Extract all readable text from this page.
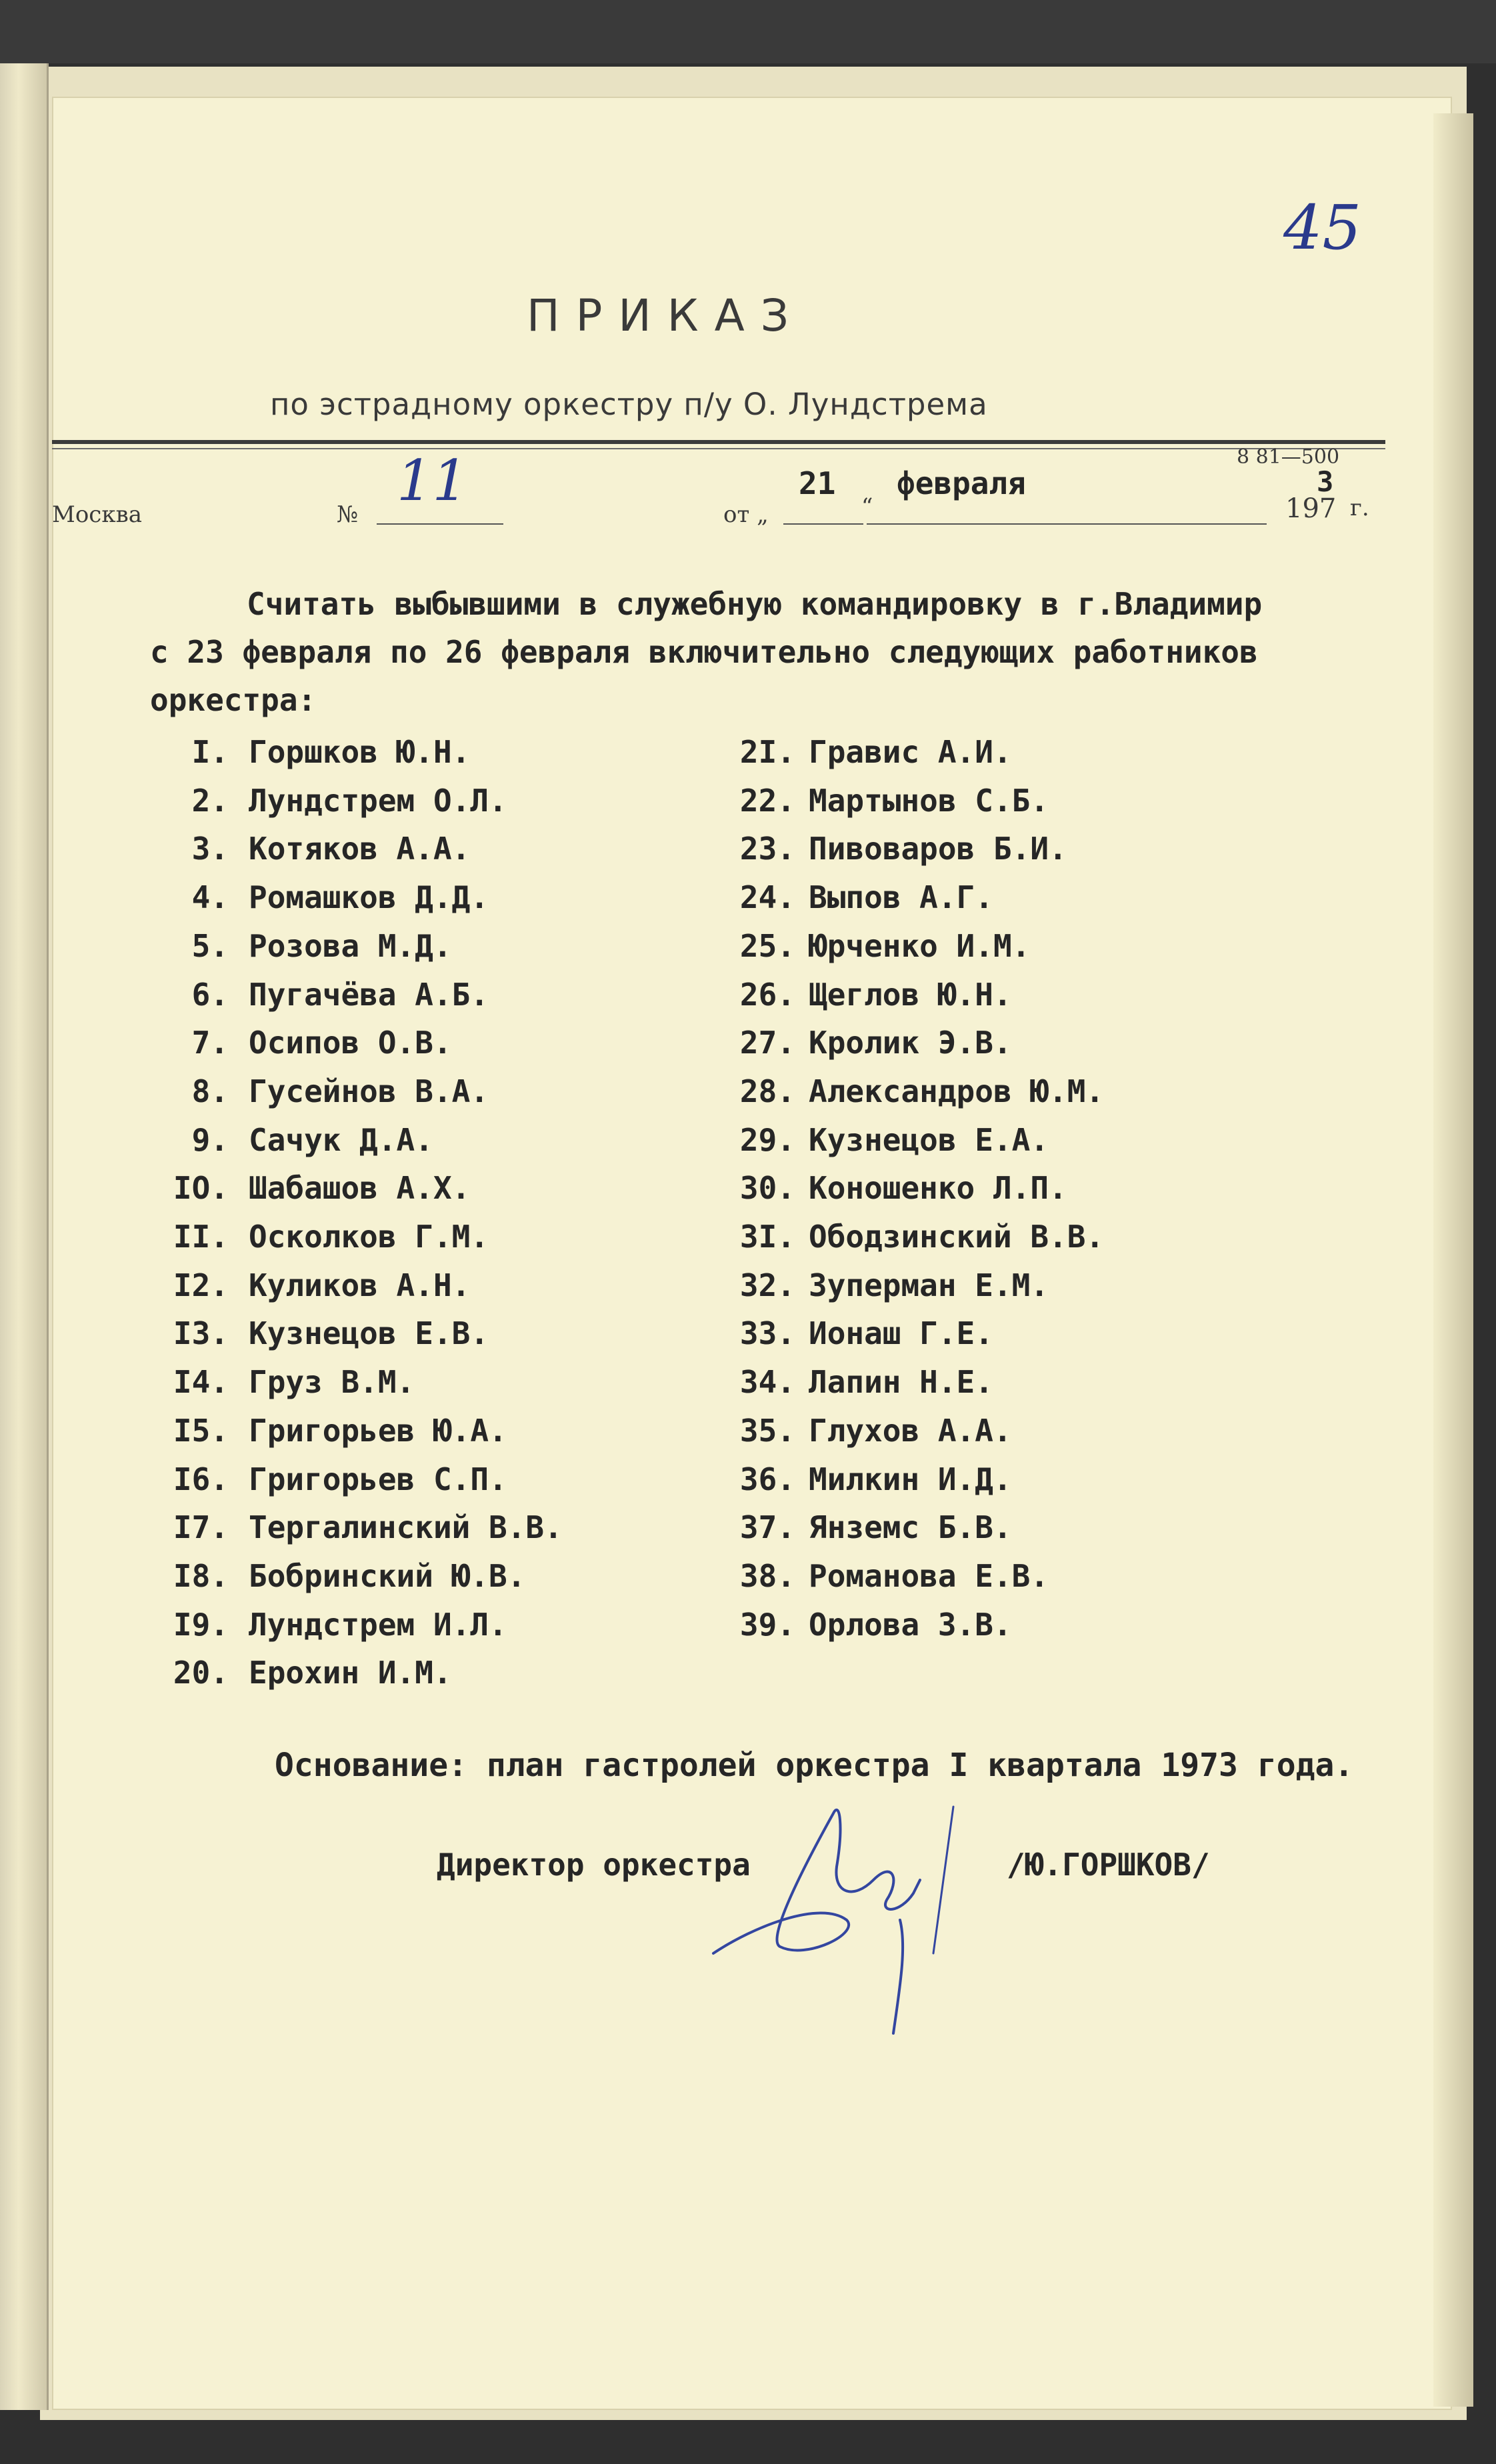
45
ПРИКАЗ
по эстрадному оркестру п/у О. Лундстрема
Москва	№
11
от „	“
21 февраля
8 81—500
197
3
г.
Считать выбывшими в служебную командировку в г.Владимир
с 23 февраля по 26 февраля включительно следующих работников
оркестра:
I. Горшков Ю.Н.
2. Лундстрем О.Л.
3. Котяков А.А.
4. Ромашков Д.Д.
5. Розова М.Д.
6. Пугачёва А.Б.
7. Осипов О.В.
8. Гусейнов В.А.
9. Сачук Д.А.
IO. Шабашов А.Х.
II. Осколков Г.М.
I2. Куликов А.Н.
I3. Кузнецов Е.В.
I4. Груз В.М.
I5. Григорьев Ю.А.
I6. Григорьев С.П.
I7. Тергалинский В.В.
I8. Бобринский Ю.В.
I9. Лундстрем И.Л.
20. Ерохин И.М.
2I. Гравис А.И.
22. Мартынов С.Б.
23. Пивоваров Б.И.
24. Выпов А.Г.
25. Юрченко И.М.
26. Щеглов Ю.Н.
27. Кролик Э.В.
28. Александров Ю.М.
29. Кузнецов Е.А.
30. Коношенко Л.П.
3I. Ободзинский В.В.
32. Зуперман Е.М.
33. Ионаш Г.Е.
34. Лапин Н.Е.
35. Глухов А.А.
36. Милкин И.Д.
37. Янземс Б.В.
38. Романова Е.В.
39. Орлова З.В.
Основание: план гастролей оркестра I квартала 1973 года.
Директор оркестра	/Ю.ГОРШКОВ/
